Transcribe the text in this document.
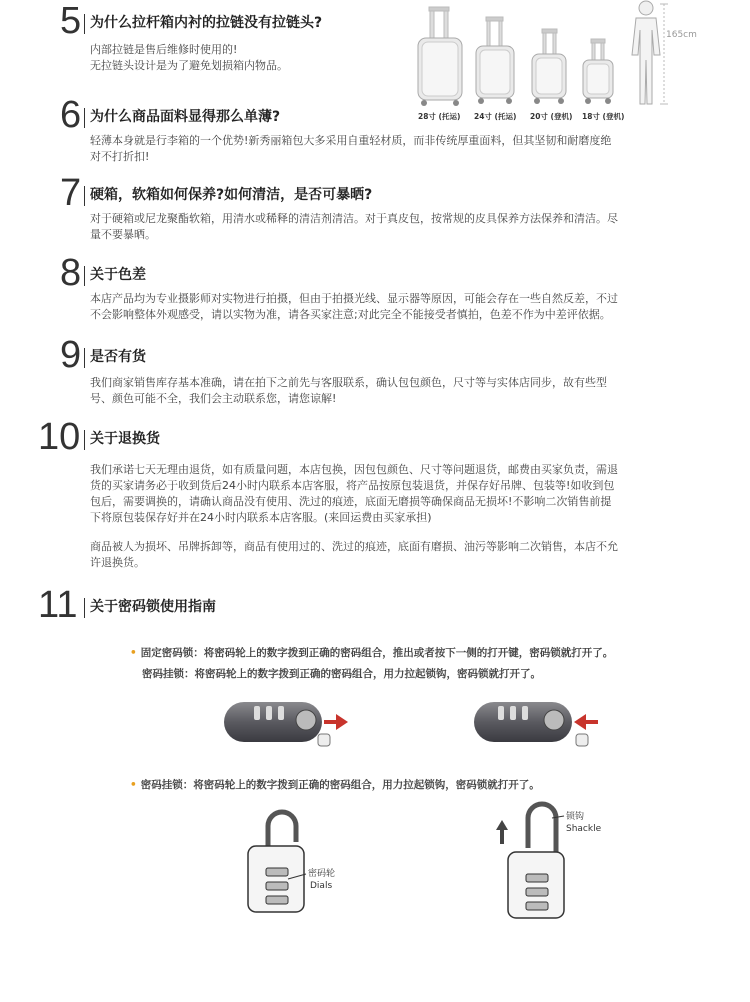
5 为什么拉杆箱内衬的拉链没有拉链头?
内部拉链是售后维修时使用的!
无拉链头设计是为了避免划损箱内物品。
165cm
28寸 (托运) 24寸 (托运) 20寸 (登机) 18寸 (登机)
6 为什么商品面料显得那么单薄?
轻薄本身就是行李箱的一个优势!新秀丽箱包大多采用自重轻材质，而非传统厚重面料，但其坚韧和耐磨度绝
对不打折扣!
7 硬箱，软箱如何保养?如何清洁，是否可暴晒?
对于硬箱或尼龙聚酯软箱，用清水或稀释的清洁剂清洁。对于真皮包，按常规的皮具保养方法保养和清洁。尽
量不要暴晒。
8 关于色差
本店产品均为专业摄影师对实物进行拍摄，但由于拍摄光线、显示器等原因，可能会存在一些自然反差，不过
不会影响整体外观感受，请以实物为准，请各买家注意;对此完全不能接受者慎拍，色差不作为中差评依据。
9 是否有货
我们商家销售库存基本准确，请在拍下之前先与客服联系，确认包包颜色，尺寸等与实体店同步，故有些型
号、颜色可能不全，我们会主动联系您，请您谅解!
10 关于退换货
我们承诺七天无理由退货，如有质量问题，本店包换，因包包颜色、尺寸等问题退货，邮费由买家负责，需退
货的买家请务必于收到货后24小时内联系本店客服，将产品按原包装退货，并保存好吊牌、包装等!如收到包
包后，需要调换的，请确认商品没有使用、洗过的痕迹，底面无磨损等确保商品无损坏!不影响二次销售前提
下将原包装保存好并在24小时内联系本店客服。(来回运费由买家承担)
商品被人为损坏、吊牌拆卸等，商品有使用过的、洗过的痕迹，底面有磨损、油污等影响二次销售，本店不允
许退换货。
11 关于密码锁使用指南
• 固定密码锁：将密码轮上的数字拨到正确的密码组合，推出或者按下一侧的打开键，密码锁就打开了。
密码挂锁：将密码轮上的数字拨到正确的密码组合，用力拉起锁钩，密码锁就打开了。
• 密码挂锁：将密码轮上的数字拨到正确的密码组合，用力拉起锁钩，密码锁就打开了。
密码轮
Dials
锁钩
Shackle
